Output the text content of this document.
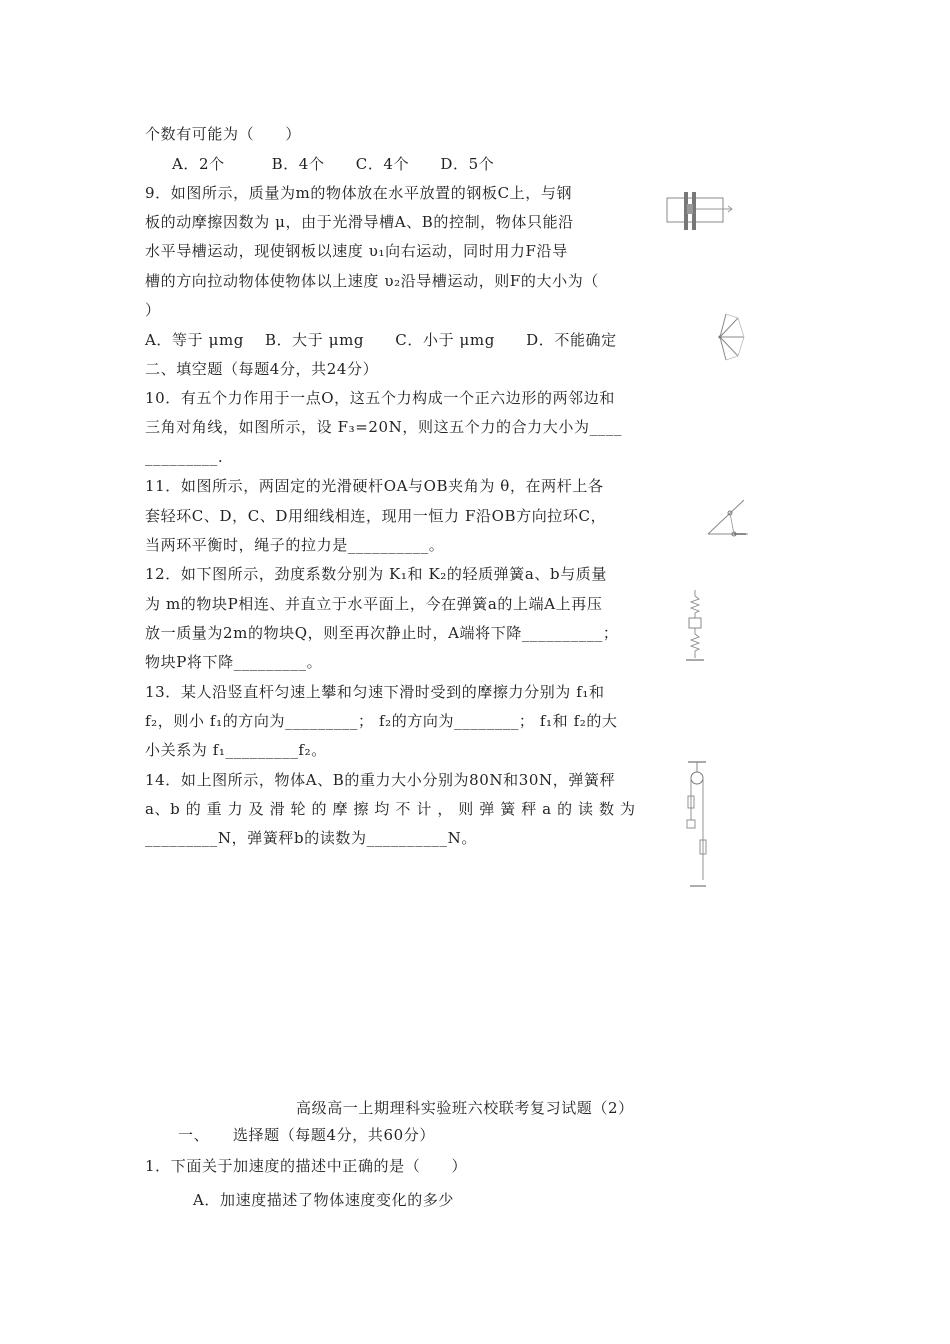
个数有可能为（　　）
A．2个　　　B．4个　　C．4个　　D．5个
9．如图所示，质量为m的物体放在水平放置的钢板C上，与钢
板的动摩擦因数为 μ，由于光滑导槽A、B的控制，物体只能沿
水平导槽运动，现使钢板以速度 υ₁向右运动，同时用力F沿导
槽的方向拉动物体使物体以上速度 υ₂沿导槽运动，则F的大小为（
）
A．等于 μmg　 B．大于 μmg　　C．小于 μmg　　D．不能确定
二、填空题（每题4分，共24分）
10．有五个力作用于一点O，这五个力构成一个正六边形的两邻边和
三角对角线，如图所示，设 F₃=20N，则这五个力的合力大小为____
_________.
11．如图所示，两固定的光滑硬杆OA与OB夹角为 θ，在两杆上各
套轻环C、D，C、D用细线相连，现用一恒力 F沿OB方向拉环C，
当两环平衡时，绳子的拉力是__________。
12．如下图所示，劲度系数分别为 K₁和 K₂的轻质弹簧a、b与质量
为 m的物块P相连、并直立于水平面上，今在弹簧a的上端A上再压
放一质量为2m的物块Q，则至再次静止时，A端将下降__________；
物块P将下降_________。
13．某人沿竖直杆匀速上攀和匀速下滑时受到的摩擦力分别为 f₁和
f₂，则小 f₁的方向为_________； f₂的方向为________； f₁和 f₂的大
小关系为 f₁_________f₂。
14．如上图所示，物体A、B的重力大小分别为80N和30N，弹簧秤
a、b 的 重 力 及 滑 轮 的 摩 擦 均 不 计 ， 则 弹 簧 秤 a 的 读 数 为
_________N，弹簧秤b的读数为__________N。
高级高一上期理科实验班六校联考复习试题（2）
一、　　选择题（每题4分，共60分）
1．下面关于加速度的描述中正确的是（　　）
A．加速度描述了物体速度变化的多少
